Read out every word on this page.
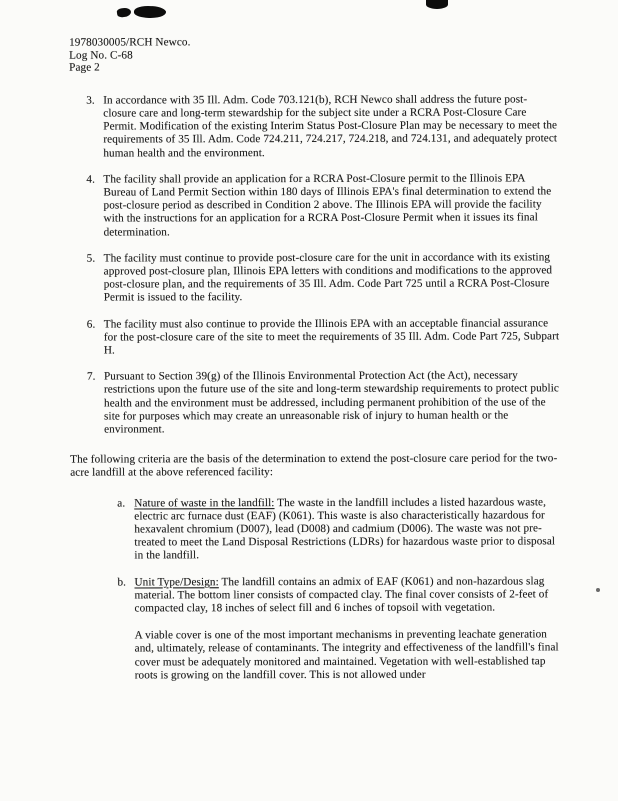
1978030005/RCH Newco.
Log No. C-68
Page 2
3. In accordance with 35 Ill. Adm. Code 703.121(b), RCH Newco shall address the future post-closure care and long-term stewardship for the subject site under a RCRA Post-Closure Care Permit. Modification of the existing Interim Status Post-Closure Plan may be necessary to meet the requirements of 35 Ill. Adm. Code 724.211, 724.217, 724.218, and 724.131, and adequately protect human health and the environment.
4. The facility shall provide an application for a RCRA Post-Closure permit to the Illinois EPA Bureau of Land Permit Section within 180 days of Illinois EPA's final determination to extend the post-closure period as described in Condition 2 above. The Illinois EPA will provide the facility with the instructions for an application for a RCRA Post-Closure Permit when it issues its final determination.
5. The facility must continue to provide post-closure care for the unit in accordance with its existing approved post-closure plan, Illinois EPA letters with conditions and modifications to the approved post-closure plan, and the requirements of 35 Ill. Adm. Code Part 725 until a RCRA Post-Closure Permit is issued to the facility.
6. The facility must also continue to provide the Illinois EPA with an acceptable financial assurance for the post-closure care of the site to meet the requirements of 35 Ill. Adm. Code Part 725, Subpart H.
7. Pursuant to Section 39(g) of the Illinois Environmental Protection Act (the Act), necessary restrictions upon the future use of the site and long-term stewardship requirements to protect public health and the environment must be addressed, including permanent prohibition of the use of the site for purposes which may create an unreasonable risk of injury to human health or the environment.
The following criteria are the basis of the determination to extend the post-closure care period for the two-acre landfill at the above referenced facility:
a. Nature of waste in the landfill: The waste in the landfill includes a listed hazardous waste, electric arc furnace dust (EAF) (K061). This waste is also characteristically hazardous for hexavalent chromium (D007), lead (D008) and cadmium (D006). The waste was not pre-treated to meet the Land Disposal Restrictions (LDRs) for hazardous waste prior to disposal in the landfill.
b. Unit Type/Design: The landfill contains an admix of EAF (K061) and non-hazardous slag material. The bottom liner consists of compacted clay. The final cover consists of 2-feet of compacted clay, 18 inches of select fill and 6 inches of topsoil with vegetation.
A viable cover is one of the most important mechanisms in preventing leachate generation and, ultimately, release of contaminants. The integrity and effectiveness of the landfill's final cover must be adequately monitored and maintained. Vegetation with well-established tap roots is growing on the landfill cover. This is not allowed under
